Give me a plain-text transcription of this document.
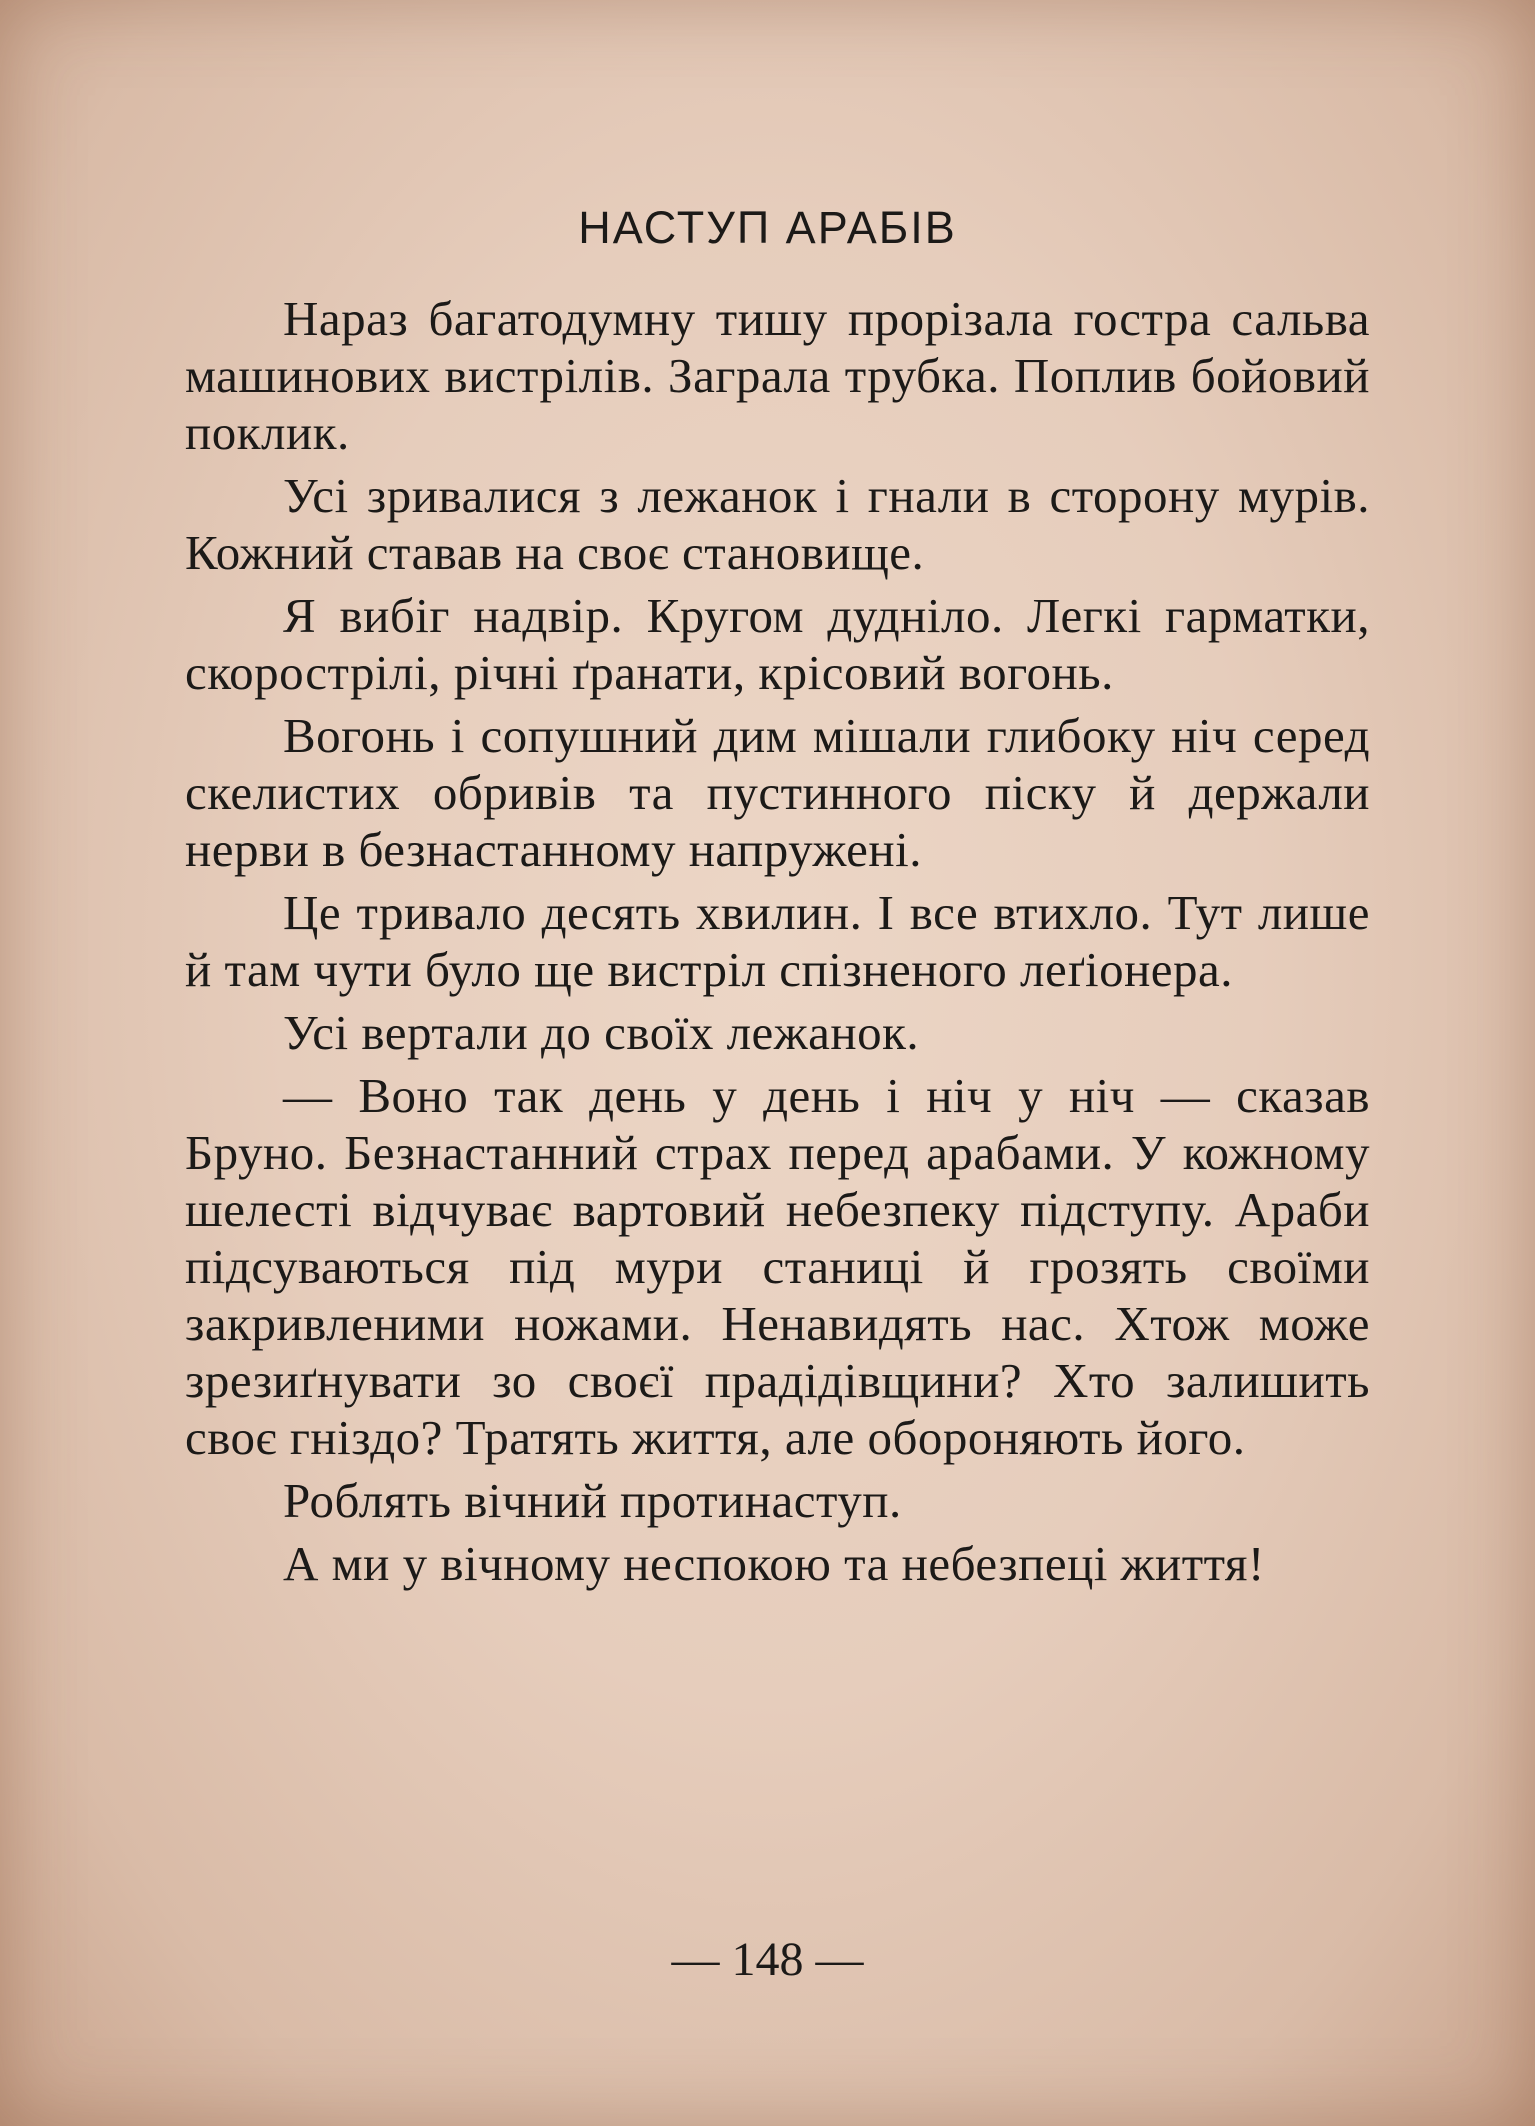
НАСТУП АРАБІВ

Нараз багатодумну тишу прорізала гостра сальва машинових вистрілів. Заграла трубка. Поплив бойовий поклик.

Усі зривалися з лежанок і гнали в сторону мурів. Кожний ставав на своє становище.

Я вибіг надвір. Кругом дудніло. Легкі гарматки, скорострілі, річні ґранати, крісовий вогонь.

Вогонь і сопушний дим мішали глибоку ніч серед скелистих обривів та пустинного піску й держали нерви в безнастанному напружені.

Це тривало десять хвилин. І все втихло. Тут лише й там чути було ще вистріл спізненого леґіонера.

Усі вертали до своїх лежанок.

— Воно так день у день і ніч у ніч — сказав Бруно. Безнастанний страх перед арабами. У кожному шелесті відчуває вартовий небезпеку підступу. Араби підсуваються під мури станиці й грозять своїми закривленими ножами. Ненавидять нас. Хтож може зрезиґнувати зо своєї прадідівщини? Хто залишить своє гніздо? Тратять життя, але обороняють його.

Роблять вічний протинаступ.

А ми у вічному неспокою та небезпеці життя!

— 148 —
